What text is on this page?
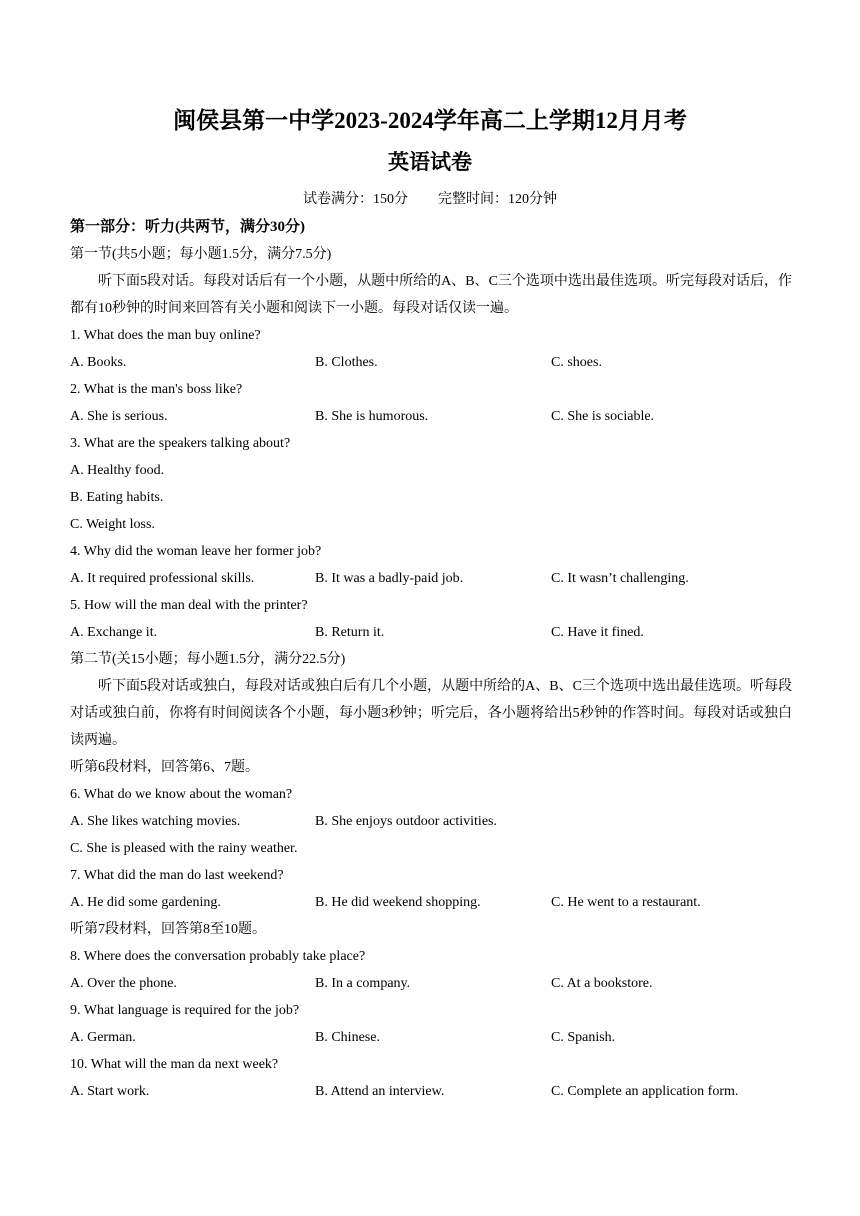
闽侯县第一中学2023-2024学年高二上学期12月月考
英语试卷
试卷满分：150分 完整时间：120分钟
第一部分：听力(共两节，满分30分)
第一节(共5小题；每小题1.5分，满分7.5分)
听下面5段对话。每段对话后有一个小题，从题中所给的A、B、C三个选项中选出最佳选项。听完每段对话后，作都有10秒钟的时间来回答有关小题和阅读下一小题。每段对话仅读一遍。
1. What does the man buy online?
A. Books.	B. Clothes.	C. shoes.
2. What is the man's boss like?
A. She is serious.	B. She is humorous.	C. She is sociable.
3. What are the speakers talking about?
A. Healthy food.
B. Eating habits.
C. Weight loss.
4. Why did the woman leave her former job?
A. It required professional skills.	B. It was a badly-paid job.	C. It wasn’t challenging.
5. How will the man deal with the printer?
A. Exchange it.	B. Return it.	C. Have it fined.
第二节(关15小题；每小题1.5分，满分22.5分)
听下面5段对话或独白，每段对话或独白后有几个小题，从题中所给的A、B、C三个选项中选出最佳选项。听每段对话或独白前，你将有时间阅读各个小题，每小题3秒钟；听完后，各小题将给出5秒钟的作答时间。每段对话或独白读两遍。
听第6段材料，回答第6、7题。
6. What do we know about the woman?
A. She likes watching movies.	B. She enjoys outdoor activities.
C. She is pleased with the rainy weather.
7. What did the man do last weekend?
A. He did some gardening.	B. He did weekend shopping.	C. He went to a restaurant.
听第7段材料，回答第8至10题。
8. Where does the conversation probably take place?
A. Over the phone.	B. In a company.	C. At a bookstore.
9. What language is required for the job?
A. German.	B. Chinese.	C. Spanish.
10. What will the man da next week?
A. Start work.	B. Attend an interview.	C. Complete an application form.
